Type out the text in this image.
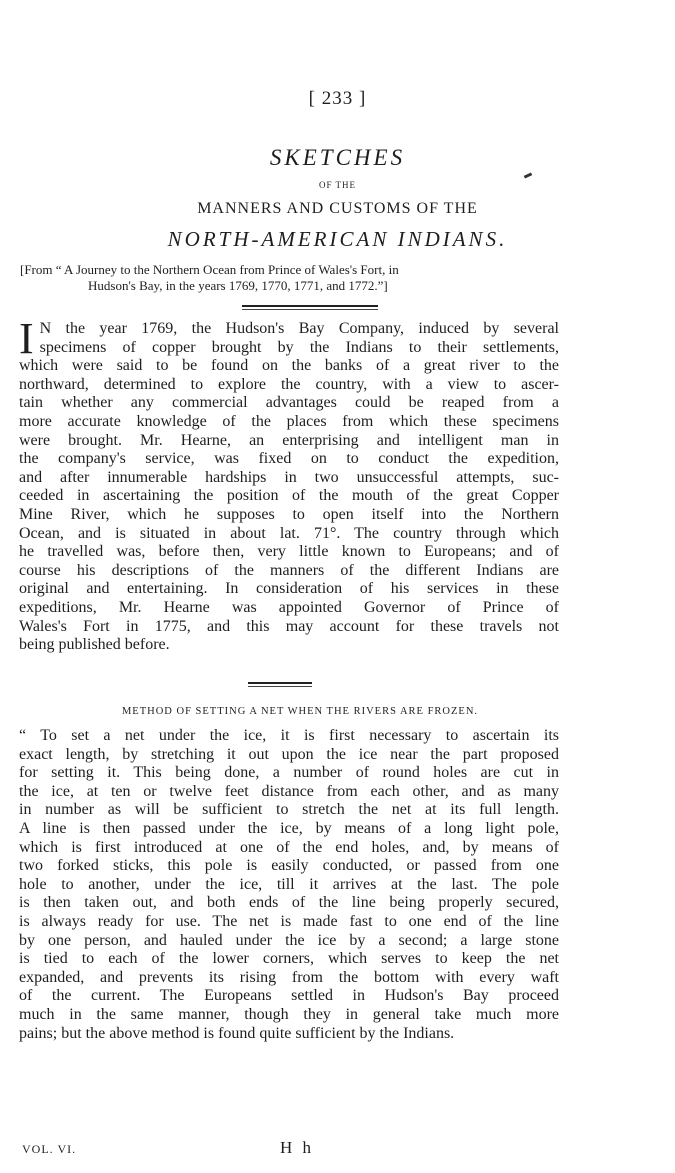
[ 233 ]
SKETCHES
OF THE
MANNERS AND CUSTOMS OF THE
NORTH-AMERICAN INDIANS.
[From “ A Journey to the Northern Ocean from Prince of Wales's Fort, in
Hudson's Bay, in the years 1769, 1770, 1771, and 1772.”]
I N the year 1769, the Hudson's Bay Company, induced by several
specimens of copper brought by the Indians to their settlements,
which were said to be found on the banks of a great river to the
northward, determined to explore the country, with a view to ascer-
tain whether any commercial advantages could be reaped from a
more accurate knowledge of the places from which these specimens
were brought. Mr. Hearne, an enterprising and intelligent man in
the company's service, was fixed on to conduct the expedition,
and after innumerable hardships in two unsuccessful attempts, suc-
ceeded in ascertaining the position of the mouth of the great Copper
Mine River, which he supposes to open itself into the Northern
Ocean, and is situated in about lat. 71°. The country through which
he travelled was, before then, very little known to Europeans; and of
course his descriptions of the manners of the different Indians are
original and entertaining. In consideration of his services in these
expeditions, Mr. Hearne was appointed Governor of Prince of
Wales's Fort in 1775, and this may account for these travels not
being published before.
METHOD OF SETTING A NET WHEN THE RIVERS ARE FROZEN.
“ To set a net under the ice, it is first necessary to ascertain its
exact length, by stretching it out upon the ice near the part proposed
for setting it. This being done, a number of round holes are cut in
the ice, at ten or twelve feet distance from each other, and as many
in number as will be sufficient to stretch the net at its full length.
A line is then passed under the ice, by means of a long light pole,
which is first introduced at one of the end holes, and, by means of
two forked sticks, this pole is easily conducted, or passed from one
hole to another, under the ice, till it arrives at the last. The pole
is then taken out, and both ends of the line being properly secured,
is always ready for use. The net is made fast to one end of the line
by one person, and hauled under the ice by a second; a large stone
is tied to each of the lower corners, which serves to keep the net
expanded, and prevents its rising from the bottom with every waft
of the current. The Europeans settled in Hudson's Bay proceed
much in the same manner, though they in general take much more
pains; but the above method is found quite sufficient by the Indians.
VOL. VI.	H h
